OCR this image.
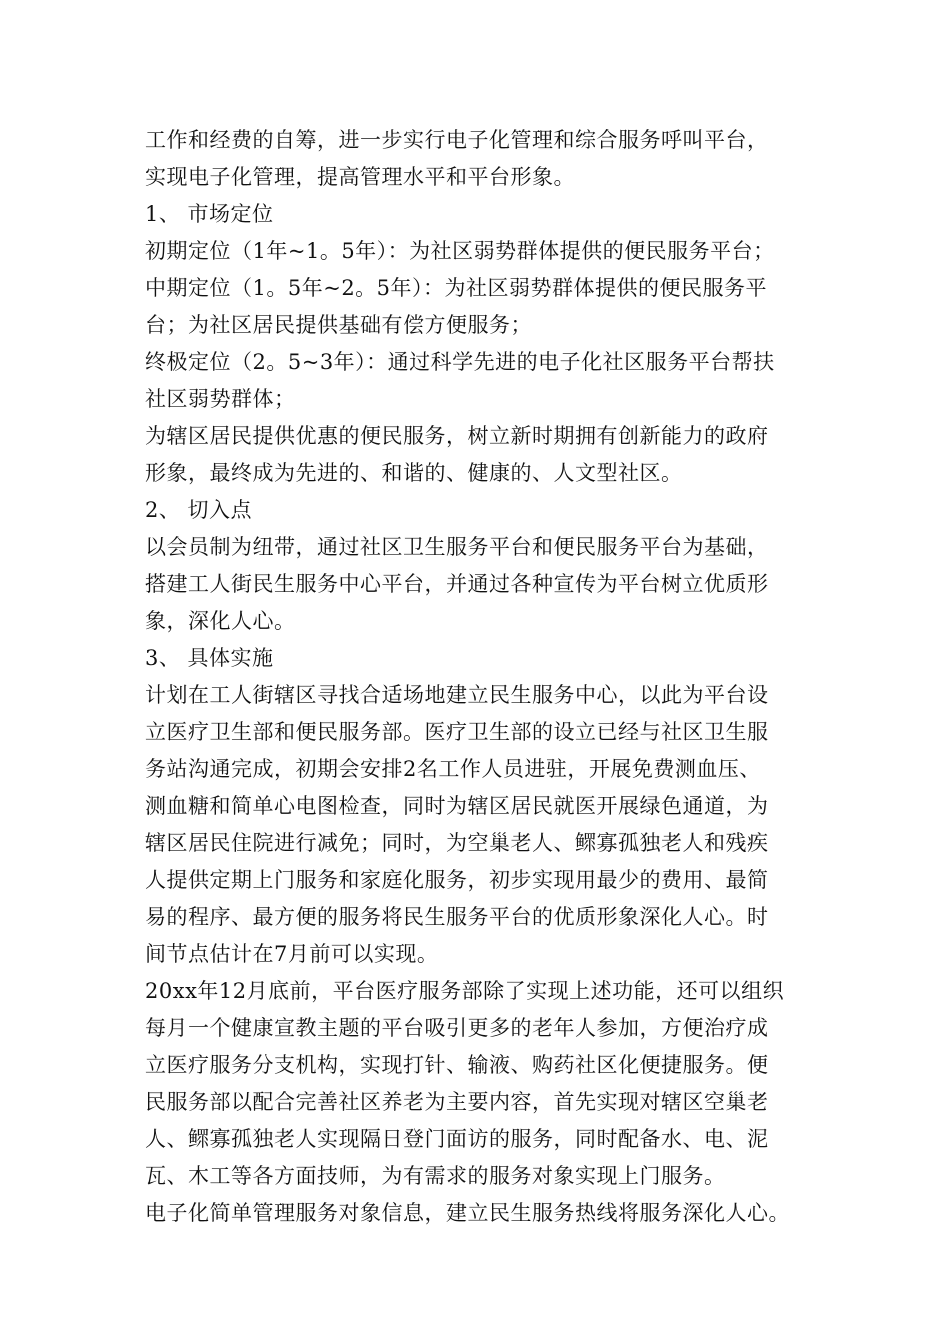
工作和经费的自筹，进一步实行电子化管理和综合服务呼叫平台，
实现电子化管理，提高管理水平和平台形象。
1、 市场定位
初期定位（1年~1。5年）：为社区弱势群体提供的便民服务平台；
中期定位（1。5年~2。5年）：为社区弱势群体提供的便民服务平
台；为社区居民提供基础有偿方便服务；
终极定位（2。5~3年）：通过科学先进的电子化社区服务平台帮扶
社区弱势群体；
为辖区居民提供优惠的便民服务，树立新时期拥有创新能力的政府
形象，最终成为先进的、和谐的、健康的、人文型社区。
2、 切入点
以会员制为纽带，通过社区卫生服务平台和便民服务平台为基础，
搭建工人街民生服务中心平台，并通过各种宣传为平台树立优质形
象，深化人心。
3、 具体实施
计划在工人街辖区寻找合适场地建立民生服务中心，以此为平台设
立医疗卫生部和便民服务部。医疗卫生部的设立已经与社区卫生服
务站沟通完成，初期会安排2名工作人员进驻，开展免费测血压、
测血糖和简单心电图检查，同时为辖区居民就医开展绿色通道，为
辖区居民住院进行减免；同时，为空巢老人、鳏寡孤独老人和残疾
人提供定期上门服务和家庭化服务，初步实现用最少的费用、最简
易的程序、最方便的服务将民生服务平台的优质形象深化人心。时
间节点估计在7月前可以实现。
20xx年12月底前，平台医疗服务部除了实现上述功能，还可以组织
每月一个健康宣教主题的平台吸引更多的老年人参加，方便治疗成
立医疗服务分支机构，实现打针、输液、购药社区化便捷服务。便
民服务部以配合完善社区养老为主要内容，首先实现对辖区空巢老
人、鳏寡孤独老人实现隔日登门面访的服务，同时配备水、电、泥
瓦、木工等各方面技师，为有需求的服务对象实现上门服务。
电子化简单管理服务对象信息，建立民生服务热线将服务深化人心。
